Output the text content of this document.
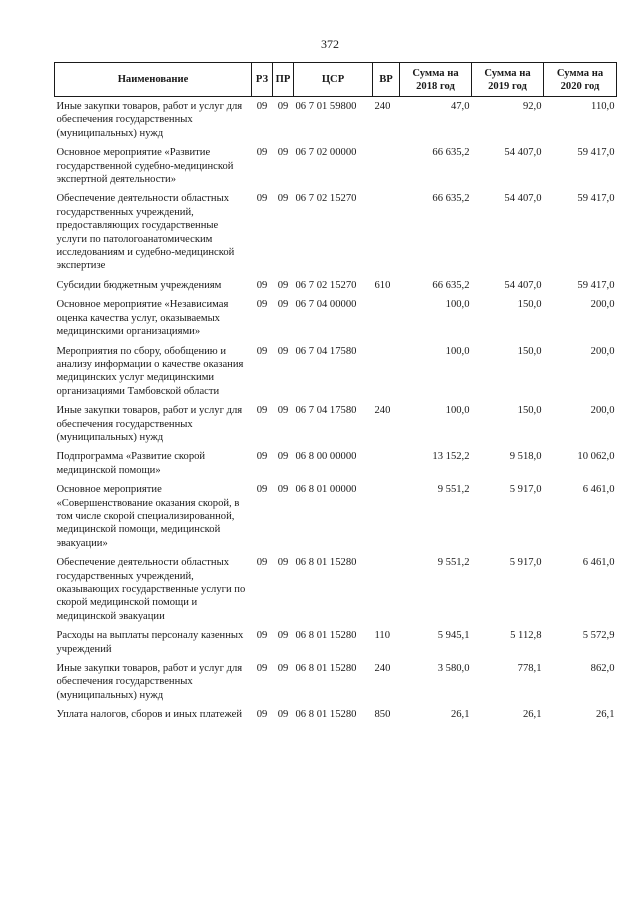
372
Наименование	РЗ	ПР	ЦСР	ВР	Сумма на 2018 год	Сумма на 2019 год	Сумма на 2020 год
Иные закупки товаров, работ и услуг для обеспечения государственных (муниципальных) нужд	09	09	06 7 01 59800	240	47,0	92,0	110,0
Основное мероприятие «Развитие государственной судебно-медицинской экспертной деятельности»	09	09	06 7 02 00000		66 635,2	54 407,0	59 417,0
Обеспечение деятельности областных государственных учреждений, предоставляющих государственные услуги по патологоанатомическим исследованиям и судебно-медицинской экспертизе	09	09	06 7 02 15270		66 635,2	54 407,0	59 417,0
Субсидии бюджетным учреждениям	09	09	06 7 02 15270	610	66 635,2	54 407,0	59 417,0
Основное мероприятие «Независимая оценка качества услуг, оказываемых медицинскими организациями»	09	09	06 7 04 00000		100,0	150,0	200,0
Мероприятия по сбору, обобщению и анализу информации о качестве оказания медицинских услуг медицинскими организациями Тамбовской области	09	09	06 7 04 17580		100,0	150,0	200,0
Иные закупки товаров, работ и услуг для обеспечения государственных (муниципальных) нужд	09	09	06 7 04 17580	240	100,0	150,0	200,0
Подпрограмма «Развитие скорой медицинской помощи»	09	09	06 8 00 00000		13 152,2	9 518,0	10 062,0
Основное мероприятие «Совершенствование оказания скорой, в том числе скорой специализированной, медицинской помощи, медицинской эвакуации»	09	09	06 8 01 00000		9 551,2	5 917,0	6 461,0
Обеспечение деятельности областных государственных учреждений, оказывающих государственные услуги по скорой медицинской помощи и медицинской эвакуации	09	09	06 8 01 15280		9 551,2	5 917,0	6 461,0
Расходы на выплаты персоналу казенных учреждений	09	09	06 8 01 15280	110	5 945,1	5 112,8	5 572,9
Иные закупки товаров, работ и услуг для обеспечения государственных (муниципальных) нужд	09	09	06 8 01 15280	240	3 580,0	778,1	862,0
Уплата налогов, сборов и иных платежей	09	09	06 8 01 15280	850	26,1	26,1	26,1
